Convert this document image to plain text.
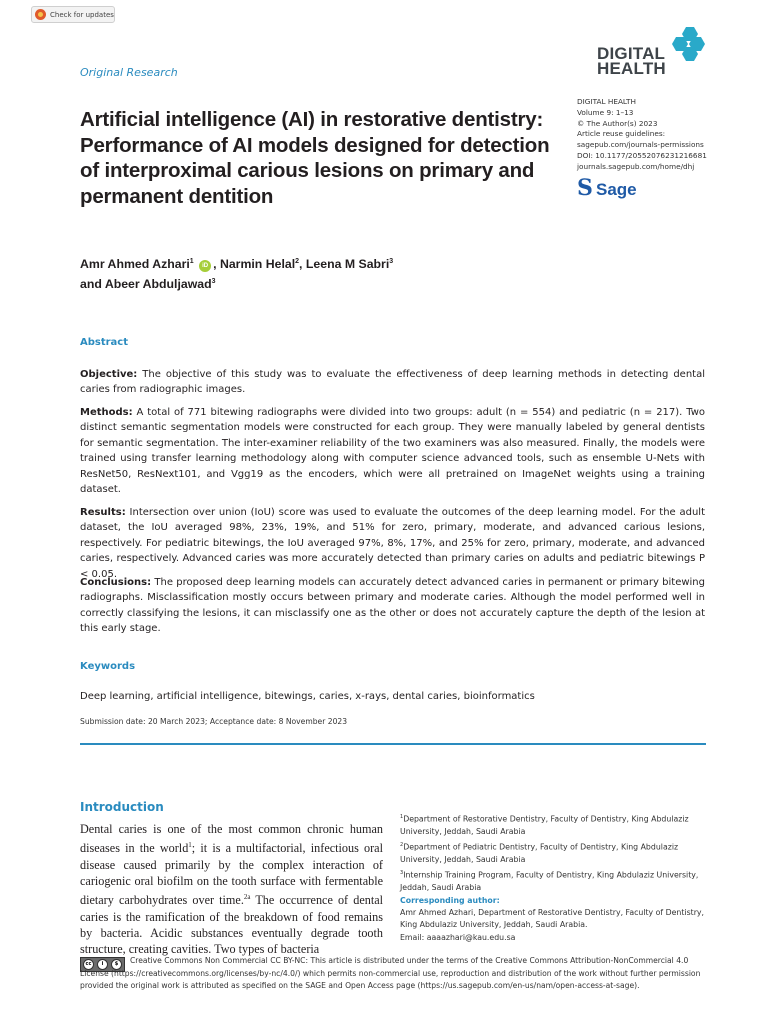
Check for updates
DIGITAL
HEALTH
Original Research
DIGITAL HEALTH
Volume 9: 1–13
© The Author(s) 2023
Article reuse guidelines:
sagepub.com/journals-permissions
DOI: 10.1177/20552076231216681
journals.sagepub.com/home/dhj
S Sage
Artificial intelligence (AI) in restorative dentistry: Performance of AI models designed for detection of interproximal carious lesions on primary and permanent dentition

Amr Ahmed Azhari$^1$ iD , Narmin Helal$^2$, Leena M Sabri$^3$
and Abeer Abduljawad$^3$

Abstract

Objective: The objective of this study was to evaluate the effectiveness of deep learning methods in detecting dental caries from radiographic images.

Methods: A total of 771 bitewing radiographs were divided into two groups: adult (n = 554) and pediatric (n = 217). Two distinct semantic segmentation models were constructed for each group. They were manually labeled by general dentists for semantic segmentation. The inter-examiner reliability of the two examiners was also measured. Finally, the models were trained using transfer learning methodology along with computer science advanced tools, such as ensemble U-Nets with ResNet50, ResNext101, and Vgg19 as the encoders, which were all pretrained on ImageNet weights using a training dataset.

Results: Intersection over union (IoU) score was used to evaluate the outcomes of the deep learning model. For the adult dataset, the IoU averaged 98%, 23%, 19%, and 51% for zero, primary, moderate, and advanced carious lesions, respectively. For pediatric bitewings, the IoU averaged 97%, 8%, 17%, and 25% for zero, primary, moderate, and advanced caries, respectively. Advanced caries was more accurately detected than primary caries on adults and pediatric bitewings P < 0.05.

Conclusions: The proposed deep learning models can accurately detect advanced caries in permanent or primary bitewing radiographs. Misclassification mostly occurs between primary and moderate caries. Although the model performed well in correctly classifying the lesions, it can misclassify one as the other or does not accurately capture the depth of the lesion at this early stage.

Keywords
Deep learning, artificial intelligence, bitewings, caries, x-rays, dental caries, bioinformatics
Submission date: 20 March 2023; Acceptance date: 8 November 2023
Introduction

Dental caries is one of the most common chronic human diseases in the world$^1$; it is a multifactorial, infectious oral disease caused primarily by the complex interaction of cariogenic oral biofilm on the tooth surface with fermentable dietary carbohydrates over time.$^{2a}$ The occurrence of dental caries is the ramification of the breakdown of food remains by bacteria. Acidic substances eventually degrade tooth structure, creating cavities. Two types of bacteria

$^1$Department of Restorative Dentistry, Faculty of Dentistry, King Abdulaziz University, Jeddah, Saudi Arabia

$^2$Department of Pediatric Dentistry, Faculty of Dentistry, King Abdulaziz University, Jeddah, Saudi Arabia

$^3$Internship Training Program, Faculty of Dentistry, King Abdulaziz University, Jeddah, Saudi Arabia

Corresponding author:
Amr Ahmed Azhari, Department of Restorative Dentistry, Faculty of Dentistry, King Abdulaziz University, Jeddah, Saudi Arabia.
Email: aaaazhari@kau.edu.sa
cc	i	$	Creative Commons Non Commercial CC BY-NC: This article is distributed under the terms of the Creative Commons Attribution-NonCommercial 4.0 License (https://creativecommons.org/licenses/by-nc/4.0/) which permits non-commercial use, reproduction and distribution of the work without further permission provided the original work is attributed as specified on the SAGE and Open Access page (https://us.sagepub.com/en-us/nam/open-access-at-sage).
